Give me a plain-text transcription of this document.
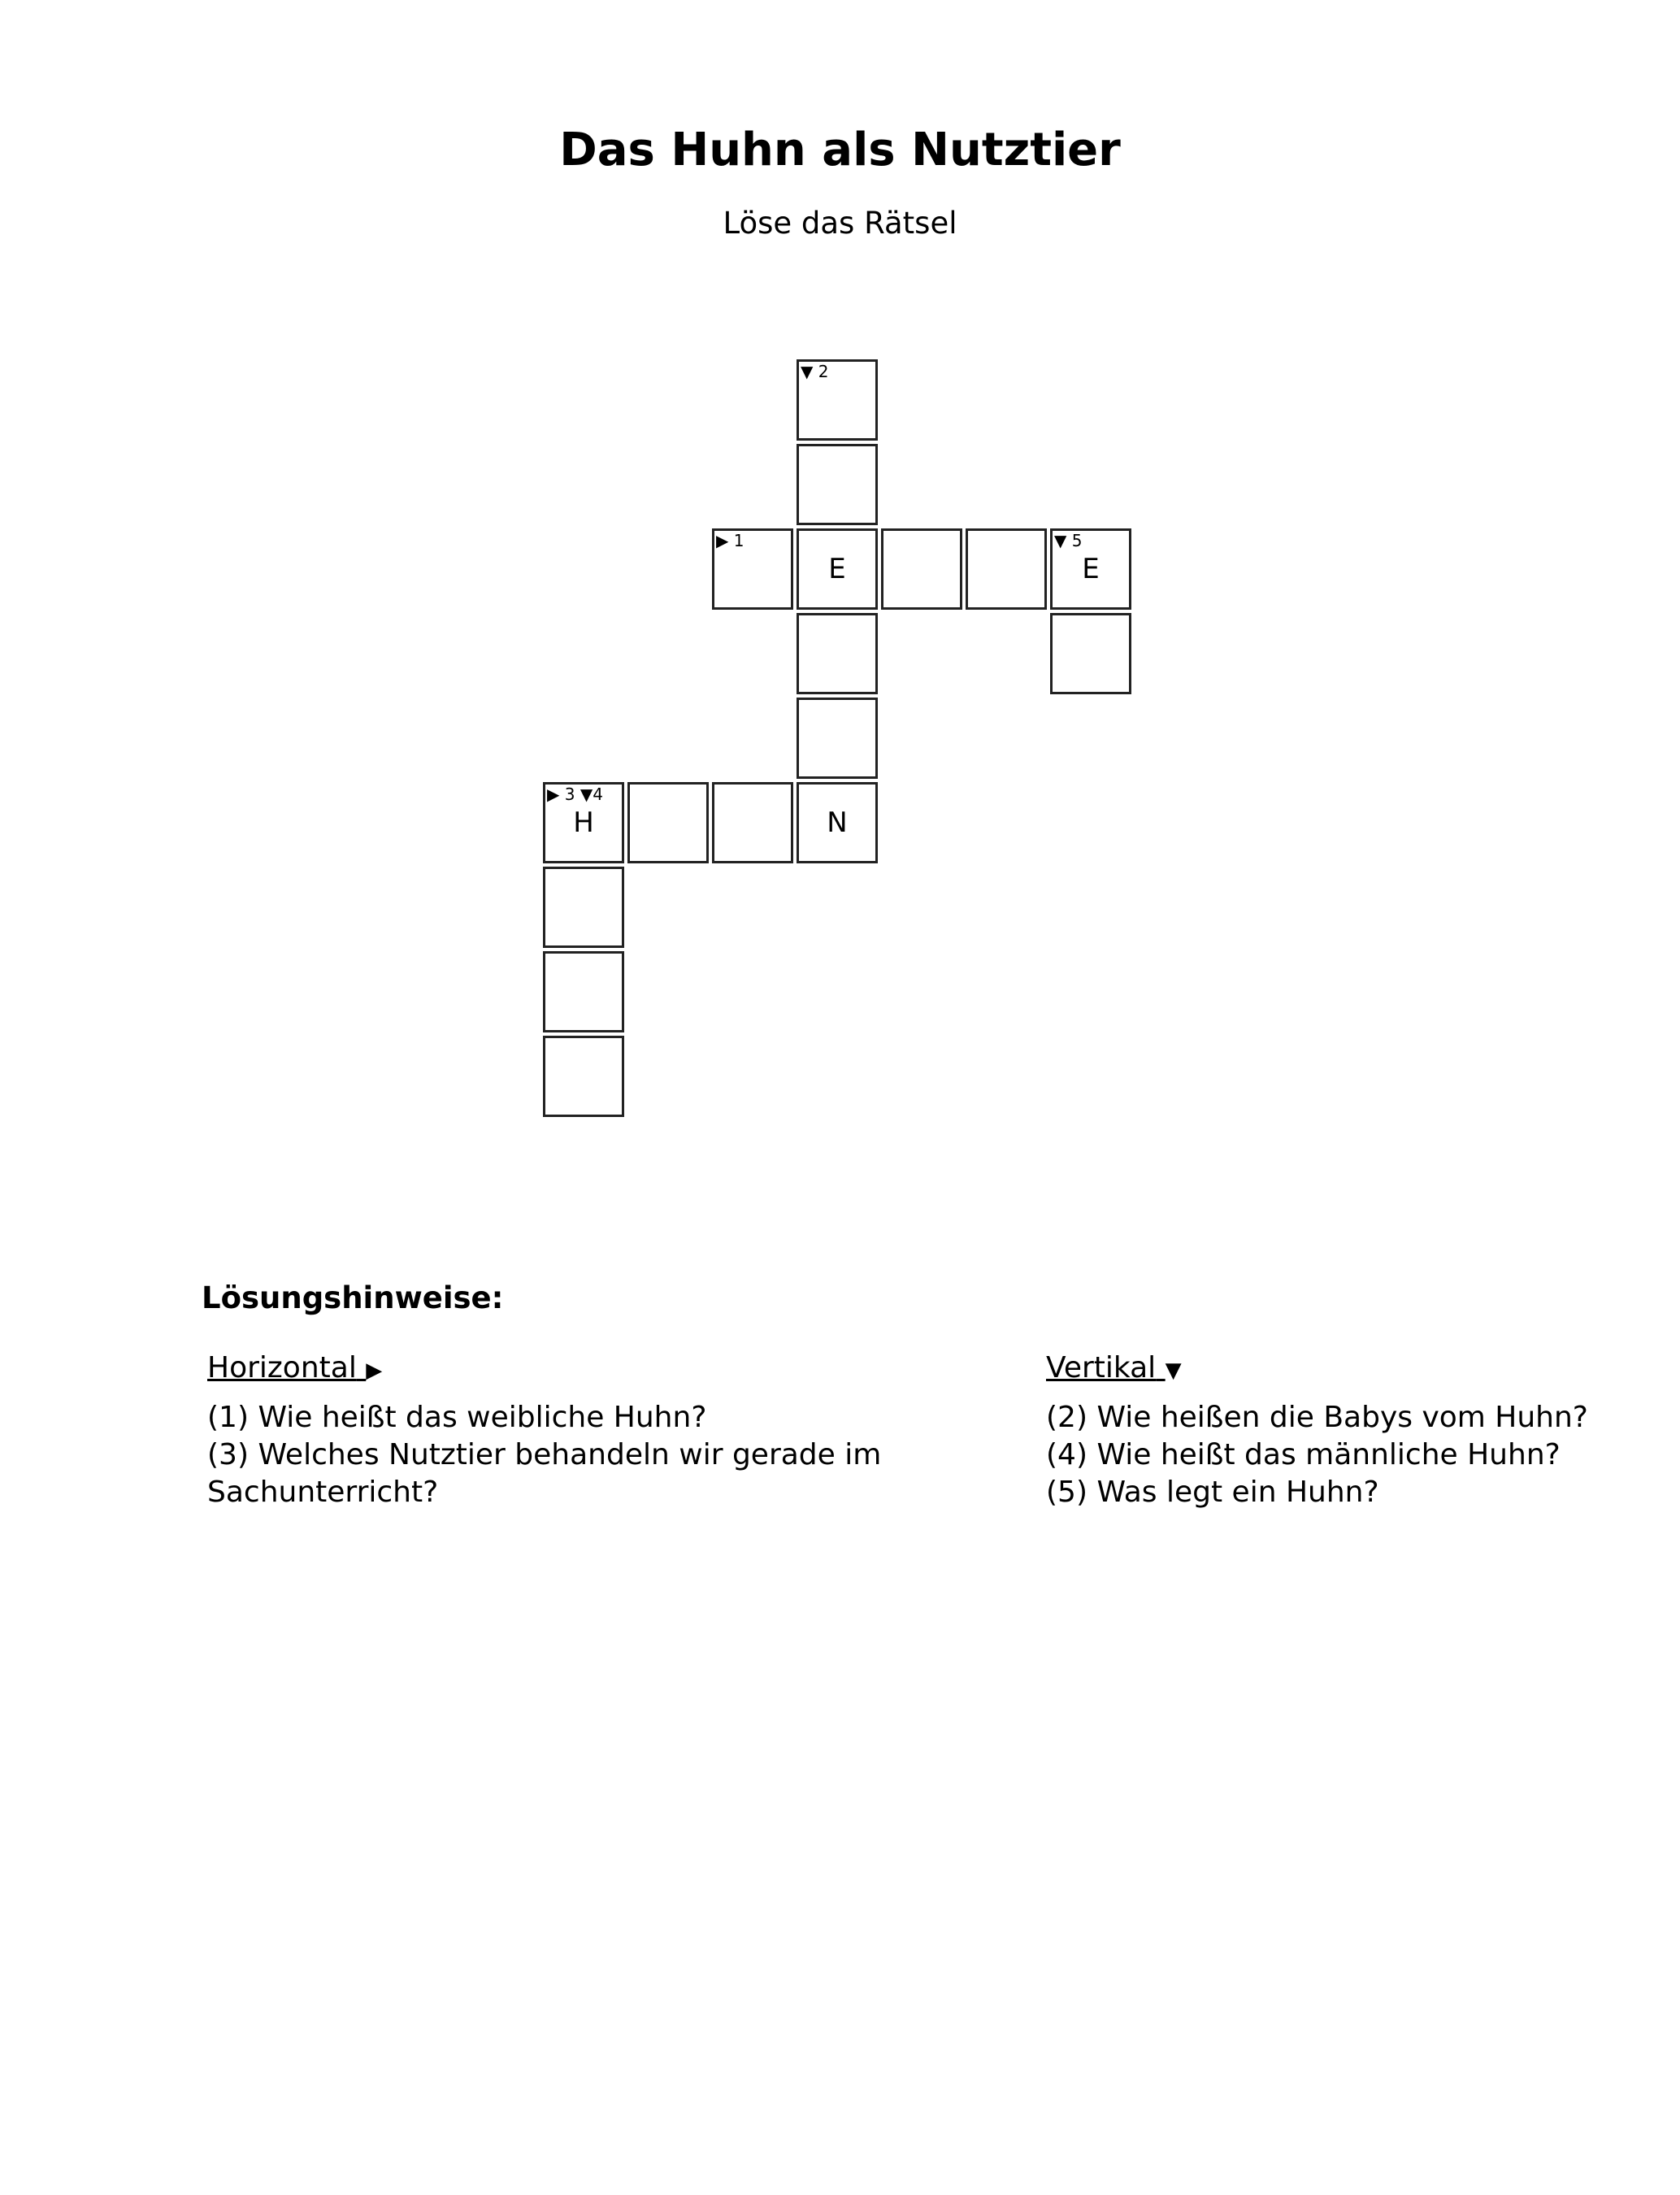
Das Huhn als Nutztier
Löse das Rätsel
▼ 2
▶ 1
E
▼ 5
E
▶ 3 ▼4
H	N
Lösungshinweise:
Horizontal ▶
(1) Wie heißt das weibliche Huhn?
(3) Welches Nutztier behandeln wir gerade im Sachunterricht?
Vertikal ▼
(2) Wie heißen die Babys vom Huhn?
(4) Wie heißt das männliche Huhn?
(5) Was legt ein Huhn?
